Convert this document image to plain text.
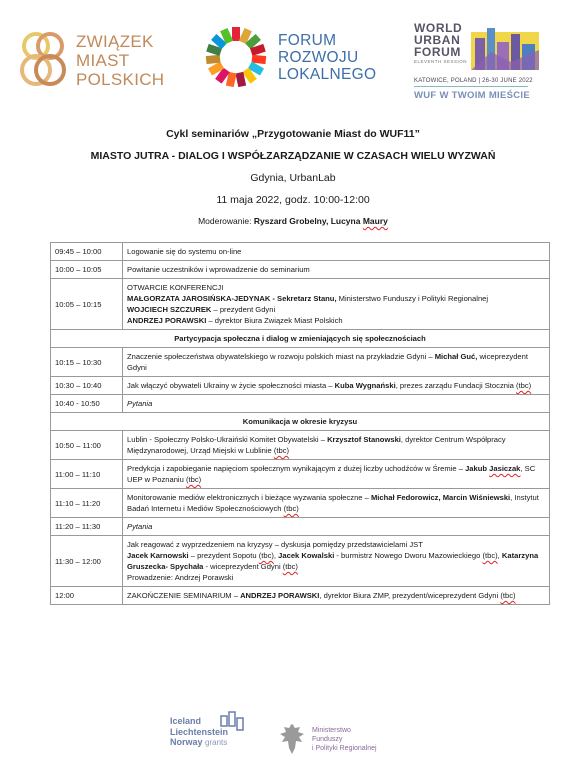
ZWIĄZEK
MIAST
POLSKICH
FORUM
ROZWOJU
LOKALNEGO
WORLD
URBAN
FORUM
ELEVENTH SESSION
KATOWICE, POLAND | 26-30 JUNE 2022
WUF W TWOIM MIEŚCIE
Cykl seminariów „Przygotowanie Miast do WUF11”
MIASTO JUTRA - DIALOG I WSPÓŁZARZĄDZANIE W CZASACH WIELU WYZWAŃ
Gdynia, UrbanLab
11 maja 2022, godz. 10:00-12:00
Moderowanie: Ryszard Grobelny, Lucyna Maury
09:45 – 10:00	Logowanie się do systemu on-line
10:00 – 10:05	Powitanie uczestników i wprowadzenie do seminarium
10:05 – 10:15	OTWARCIE KONFERENCJI
MAŁGORZATA JAROSIŃSKA-JEDYNAK - Sekretarz Stanu, Ministerstwo Funduszy i Polityki Regionalnej
WOJCIECH SZCZUREK – prezydent Gdyni
ANDRZEJ PORAWSKI – dyrektor Biura Związek Miast Polskich

Partycypacja społeczna i dialog w zmieniających się społecznościach	
10:15 – 10:30	Znaczenie społeczeństwa obywatelskiego w rozwoju polskich miast na przykładzie Gdyni – Michał Guć, wiceprezydent Gdyni
10:30 – 10:40	Jak włączyć obywateli Ukrainy w życie społeczności miasta – Kuba Wygnański, prezes zarządu Fundacji Stocznia (tbc)
10:40 - 10:50	Pytania
Komunikacja w okresie kryzysu	
10:50 – 11:00	Lublin - Społeczny Polsko-Ukraiński Komitet Obywatelski – Krzysztof Stanowski, dyrektor Centrum Współpracy Międzynarodowej, Urząd Miejski w Lublinie (tbc)
11:00 – 11:10	Predykcja i zapobieganie napięciom społecznym wynikającym z dużej liczby uchodźców w Śremie – Jakub Jasiczak, SC UEP w Poznaniu (tbc)
11:10 – 11:20	Monitorowanie mediów elektronicznych i bieżące wyzwania społeczne – Michał Fedorowicz, Marcin Wiśniewski, Instytut Badań Internetu i Mediów Społecznościowych (tbc)
11:20 – 11:30	Pytania
11:30 – 12:00	Jak reagować z wyprzedzeniem na kryzysy – dyskusja pomiędzy przedstawicielami JST
Jacek Karnowski – prezydent Sopotu (tbc), Jacek Kowalski - burmistrz Nowego Dworu Mazowieckiego (tbc), Katarzyna Gruszecka- Spychała - wiceprezydent Gdyni (tbc)
Prowadzenie: Andrzej Porawski

12:00	ZAKOŃCZENIE SEMINARIUM – ANDRZEJ PORAWSKI, dyrektor Biura ZMP, prezydent/wiceprezydent Gdyni (tbc)
Iceland
Liechtenstein
Norway grants
Ministerstwo
Funduszy
i Polityki Regionalnej
